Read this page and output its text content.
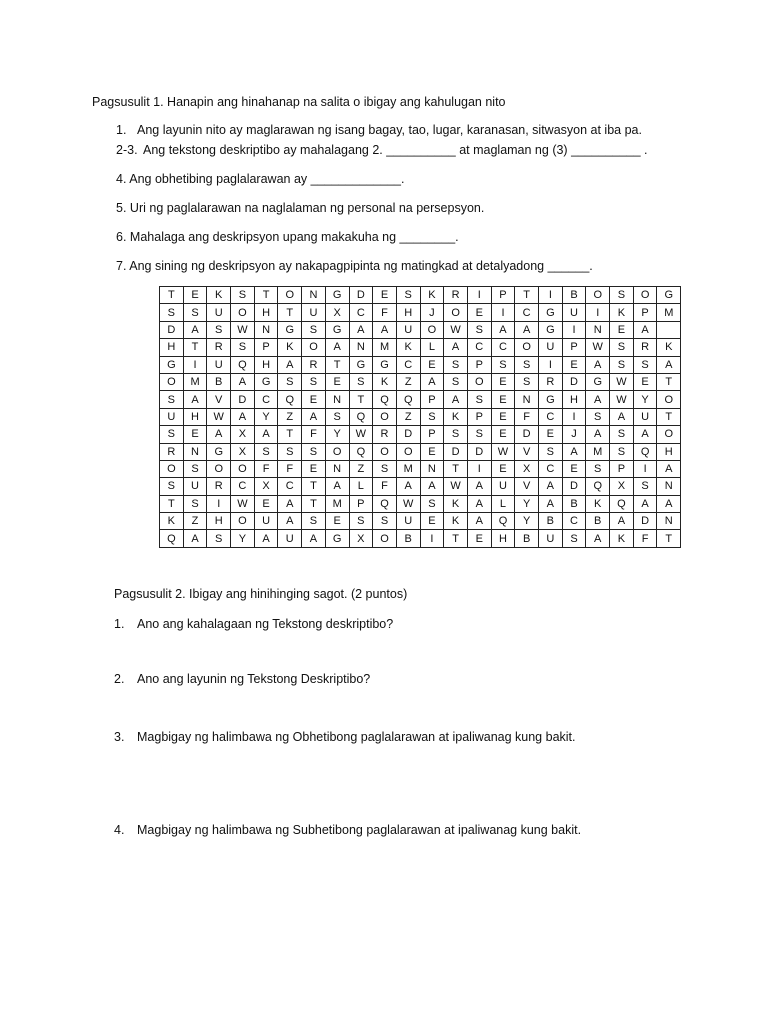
Pagsusulit 1. Hanapin ang hinahanap na salita o ibigay ang kahulugan nito
1. Ang layunin nito ay maglarawan ng isang bagay, tao, lugar, karanasan, sitwasyon at iba pa.
2-3. Ang tekstong deskriptibo ay mahalagang 2. __________ at maglaman ng (3) __________ .
4. Ang obhetibing paglalarawan ay _____________.
5. Uri ng paglalarawan na naglalaman ng personal na persepsyon.
6. Mahalaga ang deskripsyon upang makakuha ng ________.
7. Ang sining ng deskripsyon ay nakapagpipinta ng matingkad at detalyadong ______.
T	E	K	S	T	O	N	G	D	E	S	K	R	I	P	T	I	B	O	S	O	G
S	S	U	O	H	T	U	X	C	F	H	J	O	E	I	C	G	U	I	K	P	M
D	A	S	W	N	G	S	G	A	A	U	O	W	S	A	A	G	I	N	E	A	
H	T	R	S	P	K	O	A	N	M	K	L	A	C	C	O	U	P	W	S	R	K
G	I	U	Q	H	A	R	T	G	G	C	E	S	P	S	S	I	E	A	S	S	A
O	M	B	A	G	S	S	E	S	K	Z	A	S	O	E	S	R	D	G	W	E	T
S	A	V	D	C	Q	E	N	T	Q	Q	P	A	S	E	N	G	H	A	W	Y	O
U	H	W	A	Y	Z	A	S	Q	O	Z	S	K	P	E	F	C	I	S	A	U	T
S	E	A	X	A	T	F	Y	W	R	D	P	S	S	E	D	E	J	A	S	A	O
R	N	G	X	S	S	S	O	Q	O	O	E	D	D	W	V	S	A	M	S	Q	H
O	S	O	O	F	F	E	N	Z	S	M	N	T	I	E	X	C	E	S	P	I	A
S	U	R	C	X	C	T	A	L	F	A	A	W	A	U	V	A	D	Q	X	S	N
T	S	I	W	E	A	T	M	P	Q	W	S	K	A	L	Y	A	B	K	Q	A	A
K	Z	H	O	U	A	S	E	S	S	U	E	K	A	Q	Y	B	C	B	A	D	N
Q	A	S	Y	A	U	A	G	X	O	B	I	T	E	H	B	U	S	A	K	F	T
Pagsusulit 2. Ibigay ang hinihinging sagot. (2 puntos)
1. Ano ang kahalagaan ng Tekstong deskriptibo?
2. Ano ang layunin ng Tekstong Deskriptibo?
3. Magbigay ng halimbawa ng Obhetibong paglalarawan at ipaliwanag kung bakit.
4. Magbigay ng halimbawa ng Subhetibong paglalarawan at ipaliwanag kung bakit.
